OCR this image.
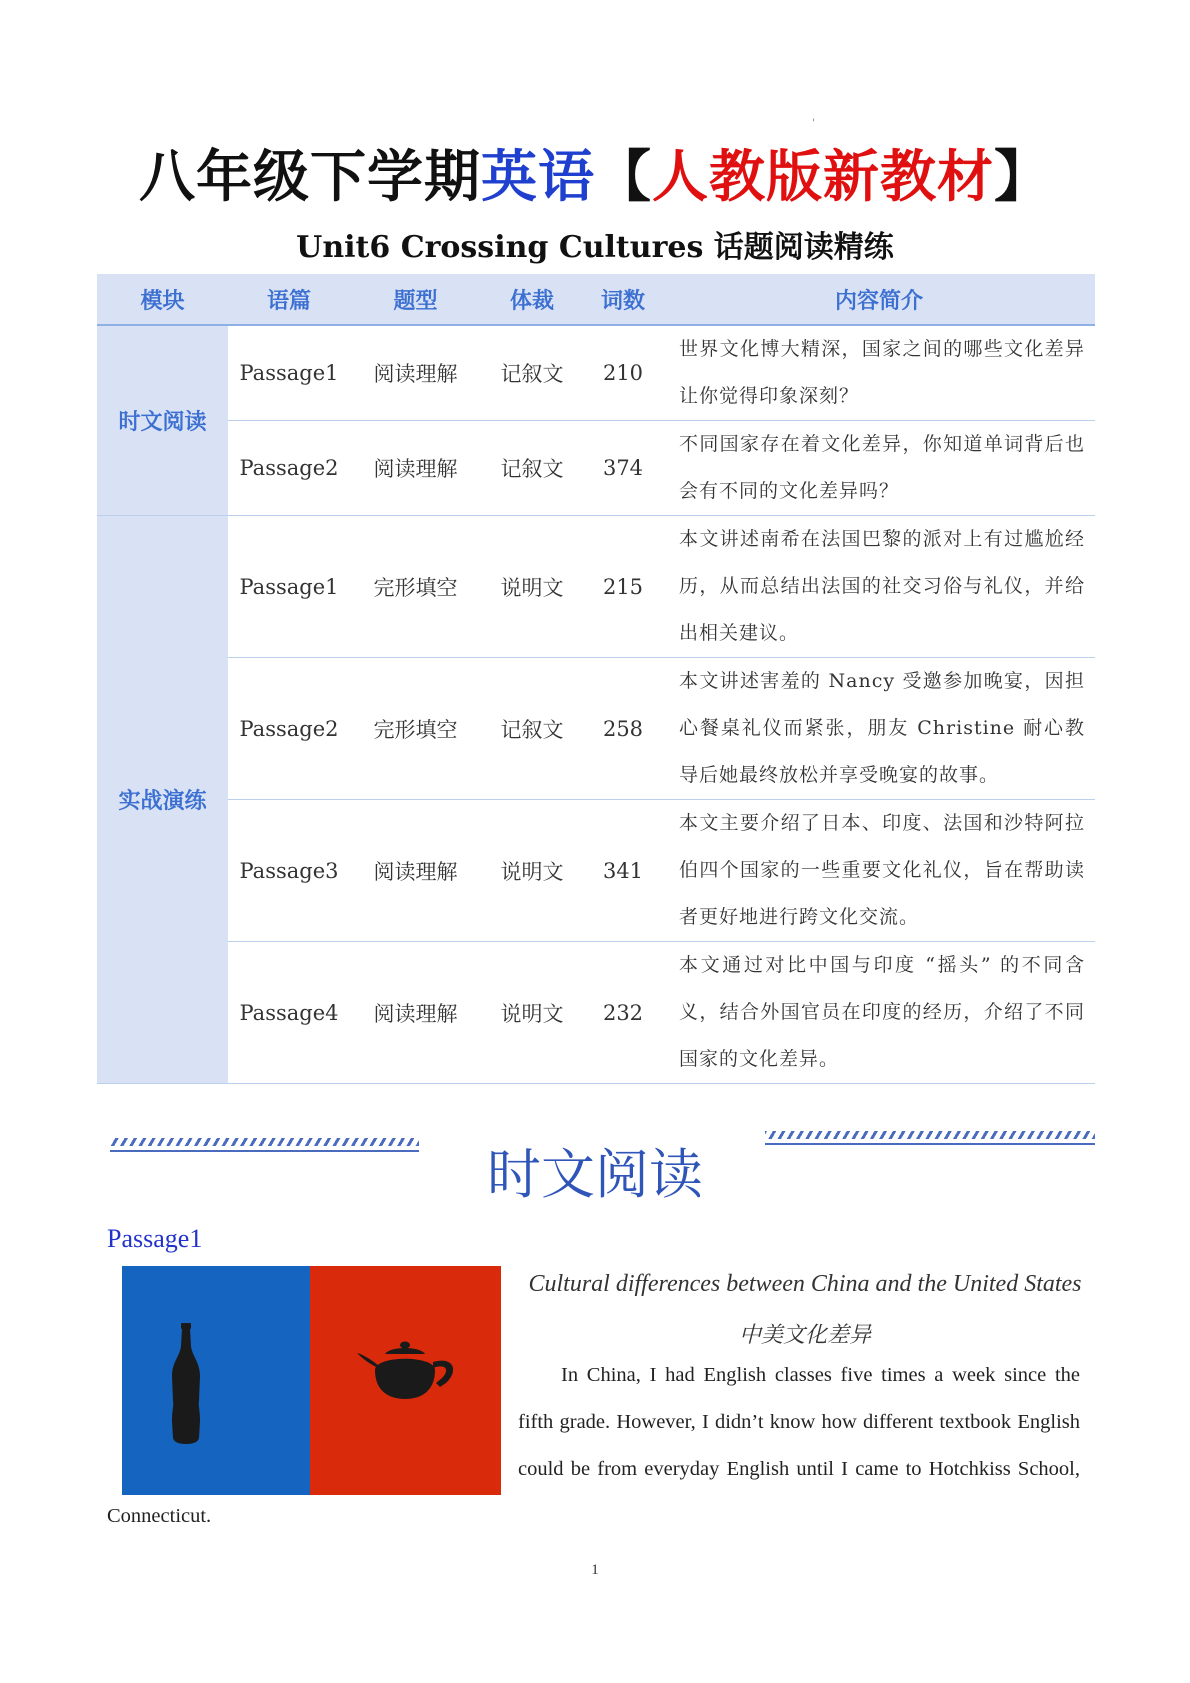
'
八年级下学期英语【人教版新教材】
Unit6 Crossing Cultures 话题阅读精练
模块	语篇	题型	体裁	词数	内容简介
时文阅读	Passage1	阅读理解	记叙文	210	世界文化博大精深，国家之间的哪些文化差异让你觉得印象深刻？
	Passage2	阅读理解	记叙文	374	不同国家存在着文化差异，你知道单词背后也会有不同的文化差异吗？
实战演练	Passage1	完形填空	说明文	215	本文讲述南希在法国巴黎的派对上有过尴尬经历，从而总结出法国的社交习俗与礼仪，并给出相关建议。
	Passage2	完形填空	记叙文	258	本文讲述害羞的 Nancy 受邀参加晚宴，因担心餐桌礼仪而紧张，朋友 Christine 耐心教导后她最终放松并享受晚宴的故事。
	Passage3	阅读理解	说明文	341	本文主要介绍了日本、印度、法国和沙特阿拉伯四个国家的一些重要文化礼仪，旨在帮助读者更好地进行跨文化交流。
	Passage4	阅读理解	说明文	232	本文通过对比中国与印度 “摇头” 的不同含义，结合外国官员在印度的经历，介绍了不同国家的文化差异。
时文阅读
Passage1
Cultural differences between China and the United States
中美文化差异
In China, I had English classes five times a week since the
fifth grade. However, I didn’t know how different textbook English
could be from everyday English until I came to Hotchkiss School,
Connecticut.
1
